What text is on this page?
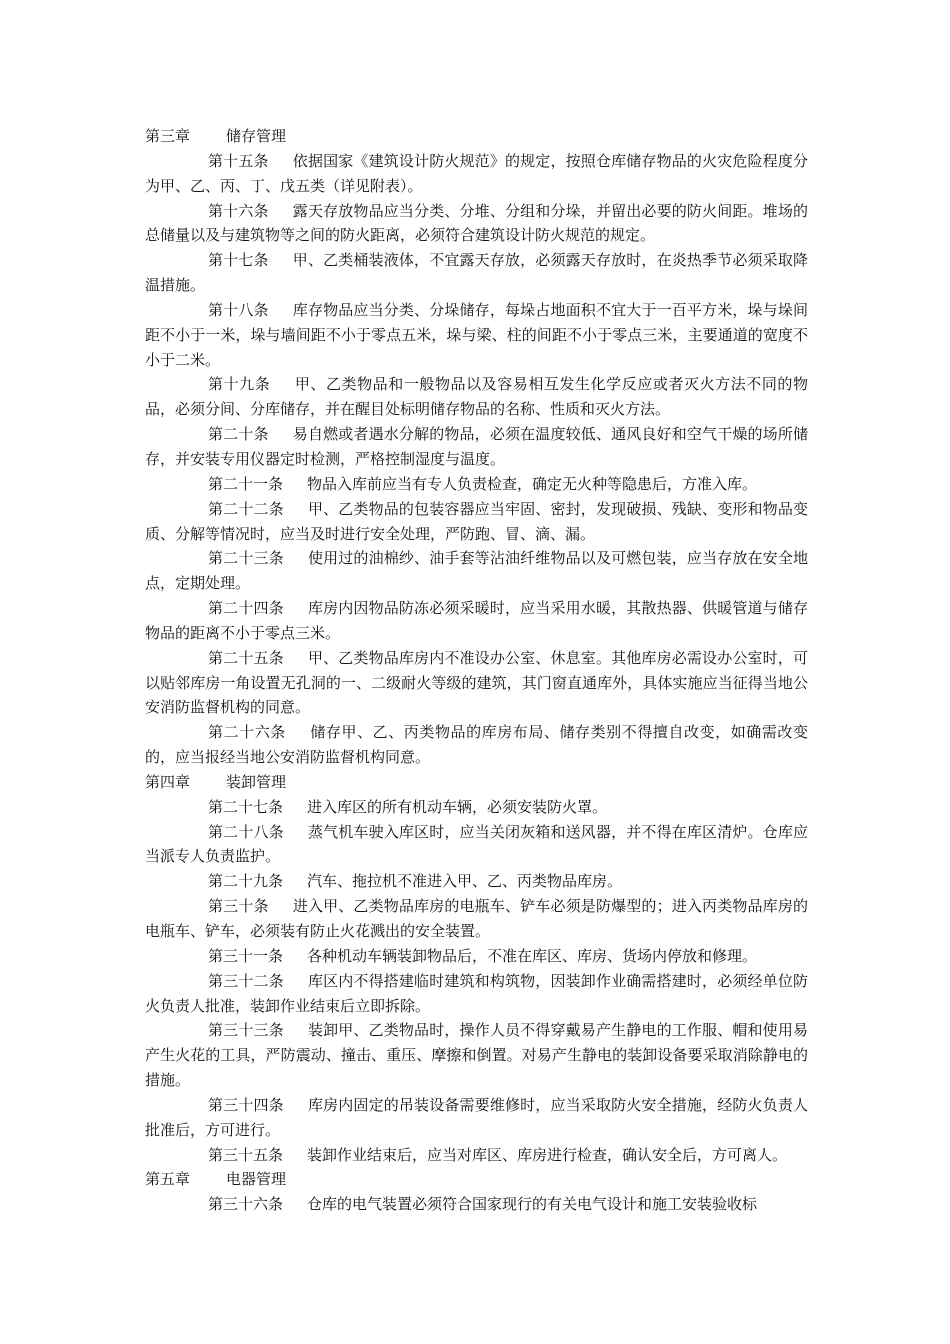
第三章 储存管理

第十五条 依据国家《建筑设计防火规范》的规定，按照仓库储存物品的火灾危险程度分为甲、乙、丙、丁、戊五类（详见附表）。

第十六条 露天存放物品应当分类、分堆、分组和分垛，并留出必要的防火间距。堆场的总储量以及与建筑物等之间的防火距离，必须符合建筑设计防火规范的规定。

第十七条 甲、乙类桶装液体，不宜露天存放，必须露天存放时，在炎热季节必须采取降温措施。

第十八条 库存物品应当分类、分垛储存，每垛占地面积不宜大于一百平方米，垛与垛间距不小于一米，垛与墙间距不小于零点五米，垛与梁、柱的间距不小于零点三米，主要通道的宽度不小于二米。

第十九条 甲、乙类物品和一般物品以及容易相互发生化学反应或者灭火方法不同的物品，必须分间、分库储存，并在醒目处标明储存物品的名称、性质和灭火方法。

第二十条 易自燃或者遇水分解的物品，必须在温度较低、通风良好和空气干燥的场所储存，并安装专用仪器定时检测，严格控制湿度与温度。

第二十一条 物品入库前应当有专人负责检查，确定无火种等隐患后，方准入库。

第二十二条 甲、乙类物品的包装容器应当牢固、密封，发现破损、残缺、变形和物品变质、分解等情况时，应当及时进行安全处理，严防跑、冒、滴、漏。

第二十三条 使用过的油棉纱、油手套等沾油纤维物品以及可燃包装，应当存放在安全地点，定期处理。

第二十四条 库房内因物品防冻必须采暖时，应当采用水暖，其散热器、供暖管道与储存物品的距离不小于零点三米。

第二十五条 甲、乙类物品库房内不准设办公室、休息室。其他库房必需设办公室时，可以贴邻库房一角设置无孔洞的一、二级耐火等级的建筑，其门窗直通库外，具体实施应当征得当地公安消防监督机构的同意。

第二十六条 储存甲、乙、丙类物品的库房布局、储存类别不得擅自改变，如确需改变的，应当报经当地公安消防监督机构同意。

第四章 装卸管理

第二十七条 进入库区的所有机动车辆，必须安装防火罩。

第二十八条 蒸气机车驶入库区时，应当关闭灰箱和送风器，并不得在库区清炉。仓库应当派专人负责监护。

第二十九条 汽车、拖拉机不准进入甲、乙、丙类物品库房。

第三十条 进入甲、乙类物品库房的电瓶车、铲车必须是防爆型的；进入丙类物品库房的电瓶车、铲车，必须装有防止火花溅出的安全装置。

第三十一条 各种机动车辆装卸物品后，不准在库区、库房、货场内停放和修理。

第三十二条 库区内不得搭建临时建筑和构筑物，因装卸作业确需搭建时，必须经单位防火负责人批准，装卸作业结束后立即拆除。

第三十三条 装卸甲、乙类物品时，操作人员不得穿戴易产生静电的工作服、帽和使用易产生火花的工具，严防震动、撞击、重压、摩擦和倒置。对易产生静电的装卸设备要采取消除静电的措施。

第三十四条 库房内固定的吊装设备需要维修时，应当采取防火安全措施，经防火负责人批准后，方可进行。

第三十五条 装卸作业结束后，应当对库区、库房进行检查，确认安全后，方可离人。

第五章 电器管理

第三十六条 仓库的电气装置必须符合国家现行的有关电气设计和施工安装验收标
